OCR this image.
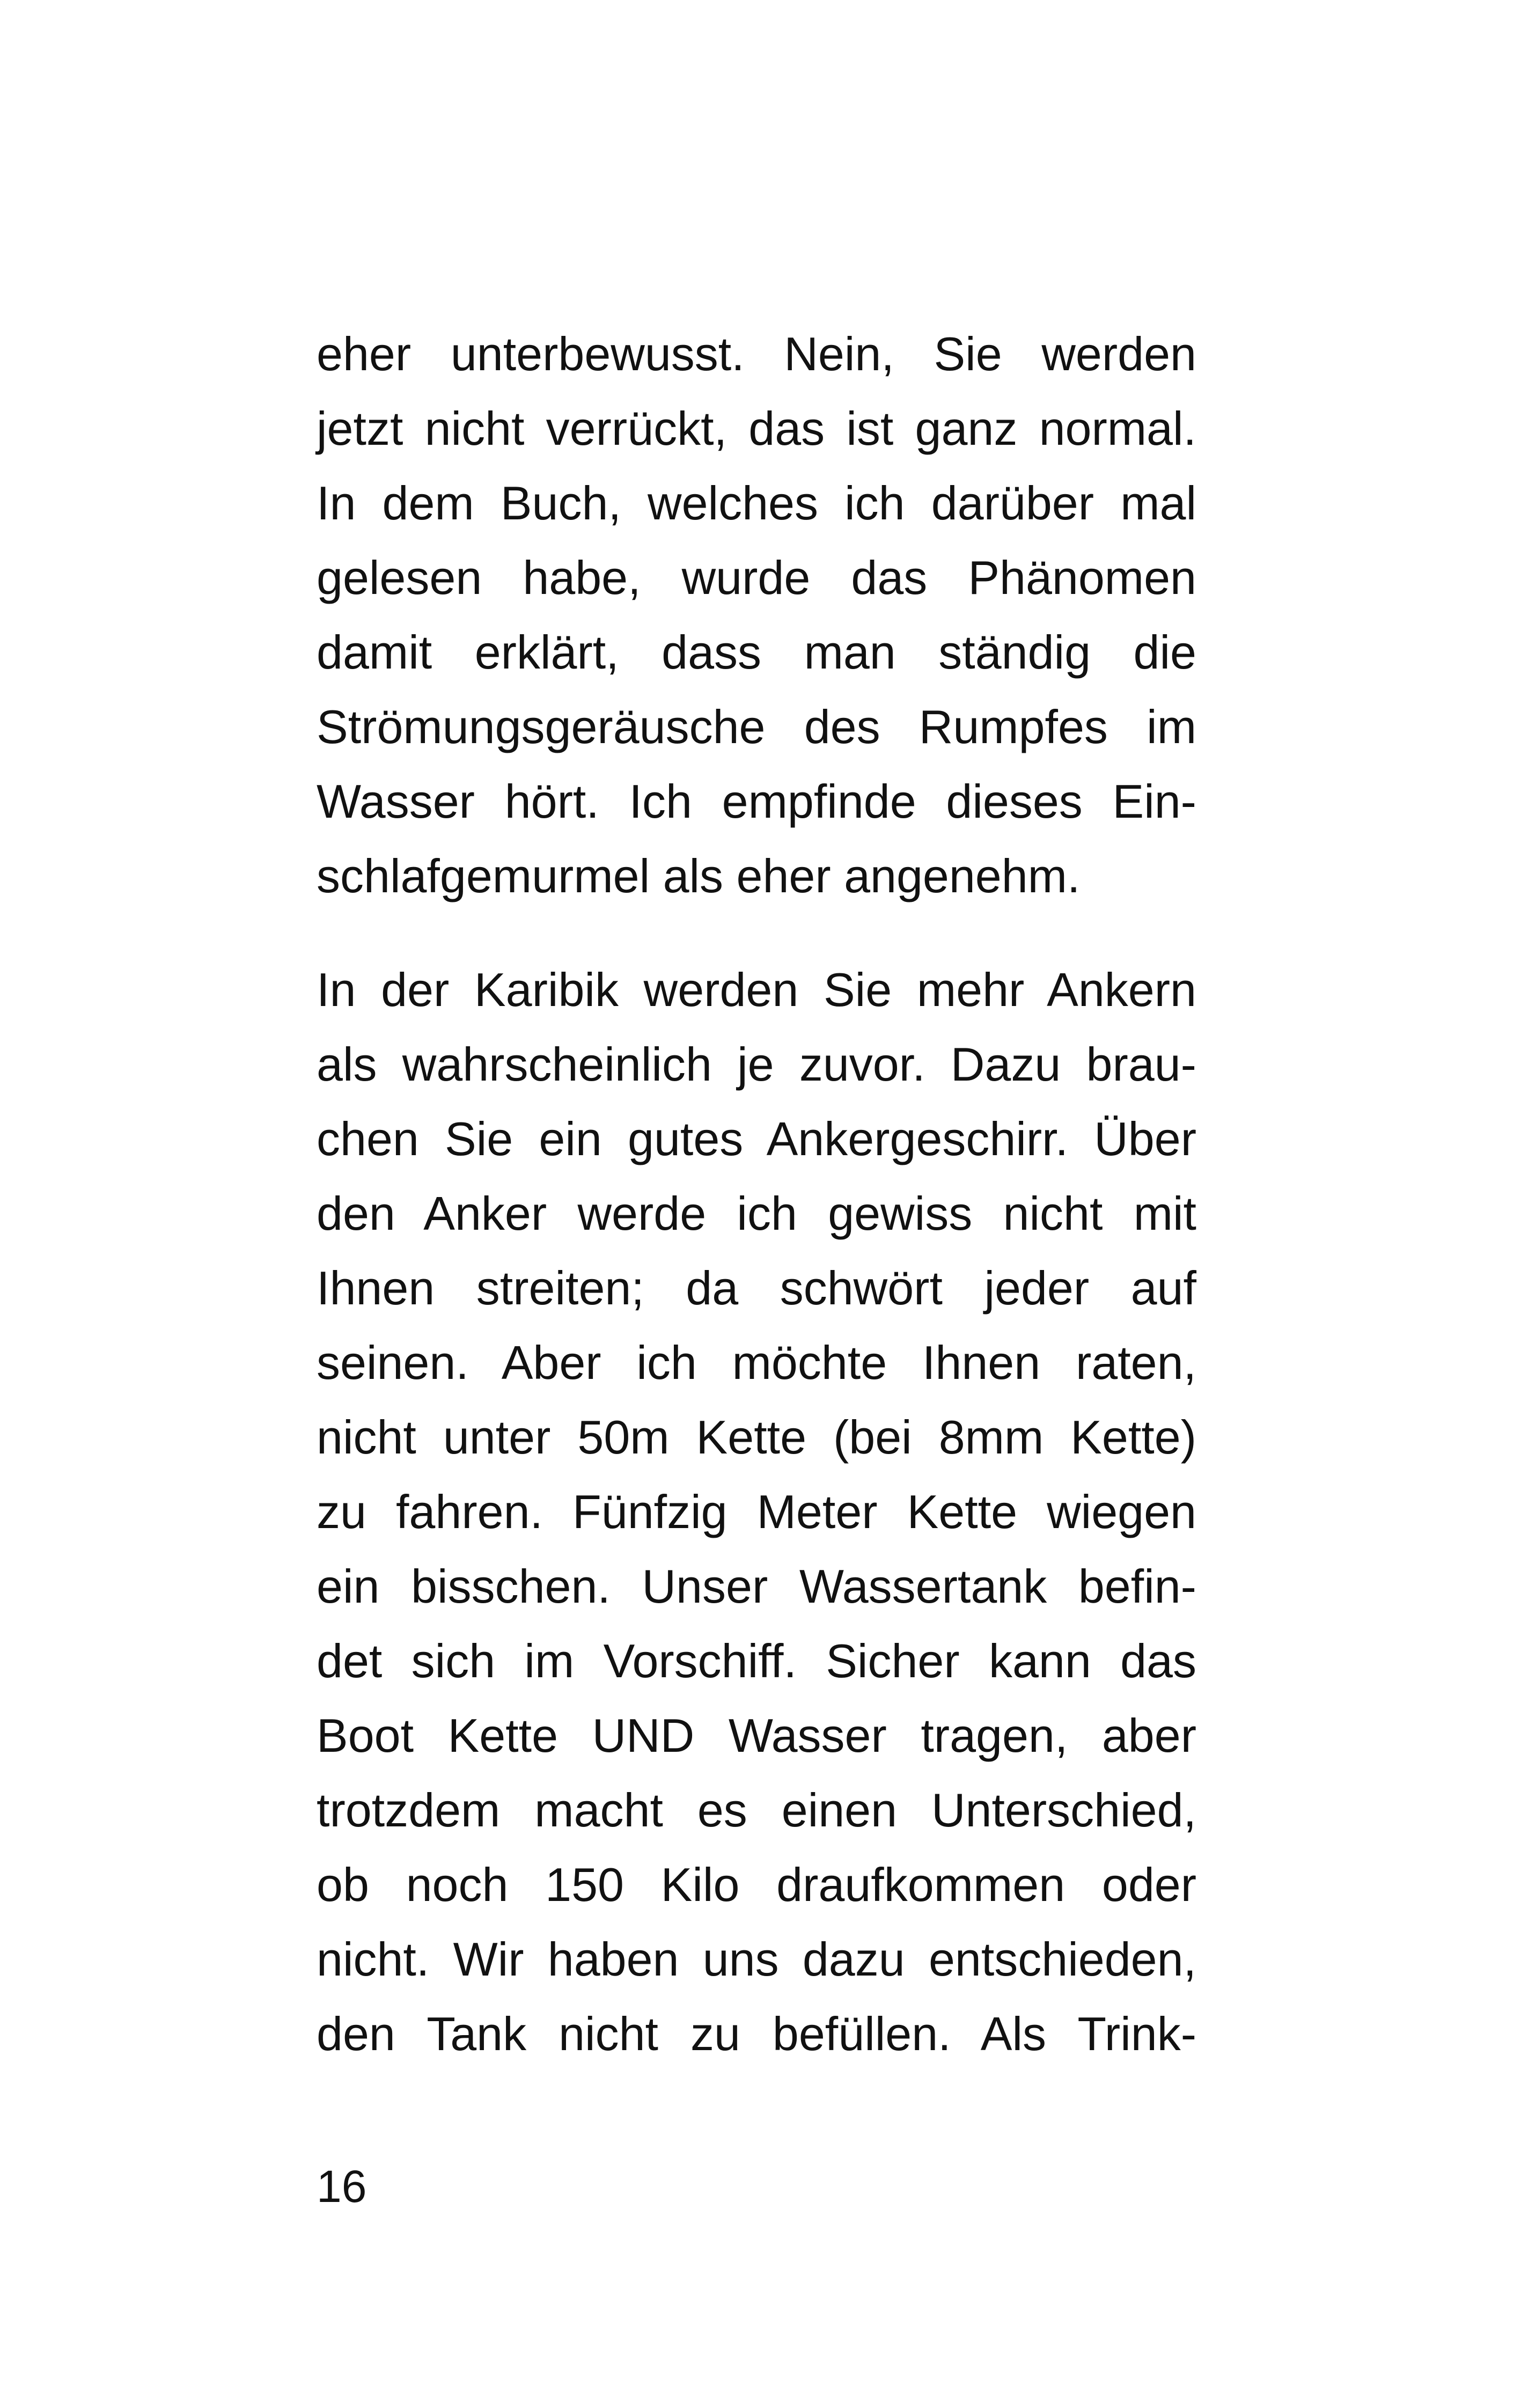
eher unterbewusst. Nein, Sie werden
jetzt nicht verrückt, das ist ganz normal.
In dem Buch, welches ich darüber mal
gelesen habe, wurde das Phänomen
damit erklärt, dass man ständig die
Strömungsgeräusche des Rumpfes im
Wasser hört. Ich empfinde dieses Ein-
schlafgemurmel als eher angenehm.
In der Karibik werden Sie mehr Ankern
als wahrscheinlich je zuvor. Dazu brau-
chen Sie ein gutes Ankergeschirr. Über
den Anker werde ich gewiss nicht mit
Ihnen streiten; da schwört jeder auf
seinen. Aber ich möchte Ihnen raten,
nicht unter 50m Kette (bei 8mm Kette)
zu fahren. Fünfzig Meter Kette wiegen
ein bisschen. Unser Wassertank befin-
det sich im Vorschiff. Sicher kann das
Boot Kette UND Wasser tragen, aber
trotzdem macht es einen Unterschied,
ob noch 150 Kilo draufkommen oder
nicht. Wir haben uns dazu entschieden,
den Tank nicht zu befüllen. Als Trink-
16
